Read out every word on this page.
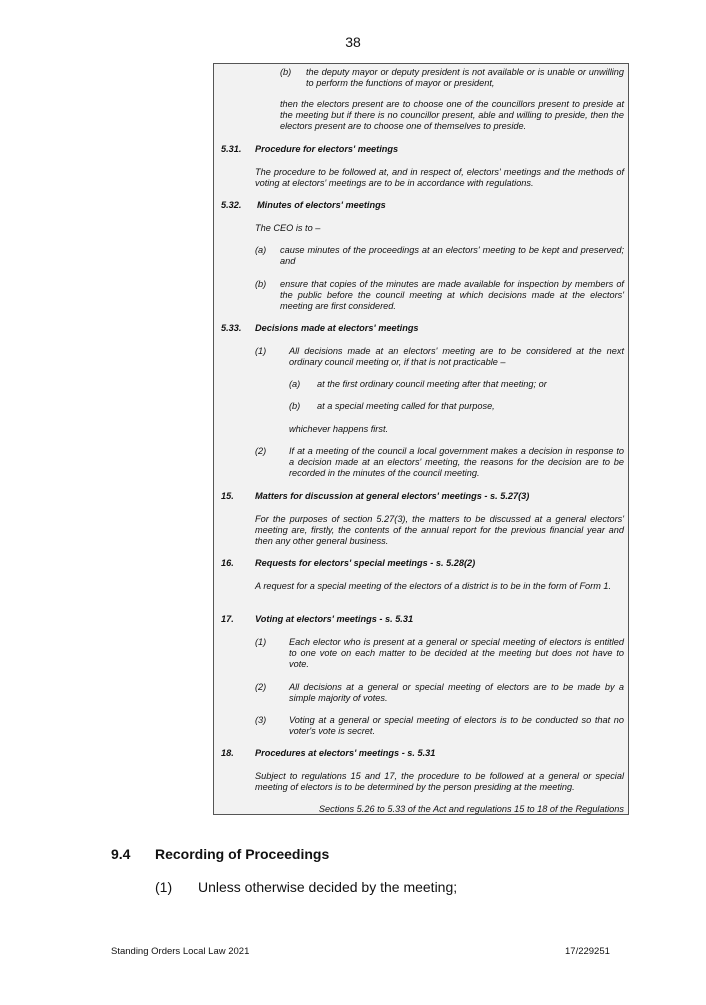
38
(b) the deputy mayor or deputy president is not available or is unable or unwilling to perform the functions of mayor or president,
then the electors present are to choose one of the councillors present to preside at the meeting but if there is no councillor present, able and willing to preside, then the electors present are to choose one of themselves to preside.
5.31. Procedure for electors' meetings
The procedure to be followed at, and in respect of, electors' meetings and the methods of voting at electors' meetings are to be in accordance with regulations.
5.32. Minutes of electors' meetings
The CEO is to –
(a) cause minutes of the proceedings at an electors' meeting to be kept and preserved; and
(b) ensure that copies of the minutes are made available for inspection by members of the public before the council meeting at which decisions made at the electors' meeting are first considered.
5.33. Decisions made at electors' meetings
(1) All decisions made at an electors' meeting are to be considered at the next ordinary council meeting or, if that is not practicable –
(a) at the first ordinary council meeting after that meeting; or
(b) at a special meeting called for that purpose,
whichever happens first.
(2) If at a meeting of the council a local government makes a decision in response to a decision made at an electors' meeting, the reasons for the decision are to be recorded in the minutes of the council meeting.
15. Matters for discussion at general electors' meetings - s. 5.27(3)
For the purposes of section 5.27(3), the matters to be discussed at a general electors' meeting are, firstly, the contents of the annual report for the previous financial year and then any other general business.
16. Requests for electors' special meetings - s. 5.28(2)
A request for a special meeting of the electors of a district is to be in the form of Form 1.
17. Voting at electors' meetings - s. 5.31
(1) Each elector who is present at a general or special meeting of electors is entitled to one vote on each matter to be decided at the meeting but does not have to vote.
(2) All decisions at a general or special meeting of electors are to be made by a simple majority of votes.
(3) Voting at a general or special meeting of electors is to be conducted so that no voter's vote is secret.
18. Procedures at electors' meetings - s. 5.31
Subject to regulations 15 and 17, the procedure to be followed at a general or special meeting of electors is to be determined by the person presiding at the meeting.
Sections 5.26 to 5.33 of the Act and regulations 15 to 18 of the Regulations
9.4 Recording of Proceedings
(1) Unless otherwise decided by the meeting;
Standing Orders Local Law 2021	17/229251
